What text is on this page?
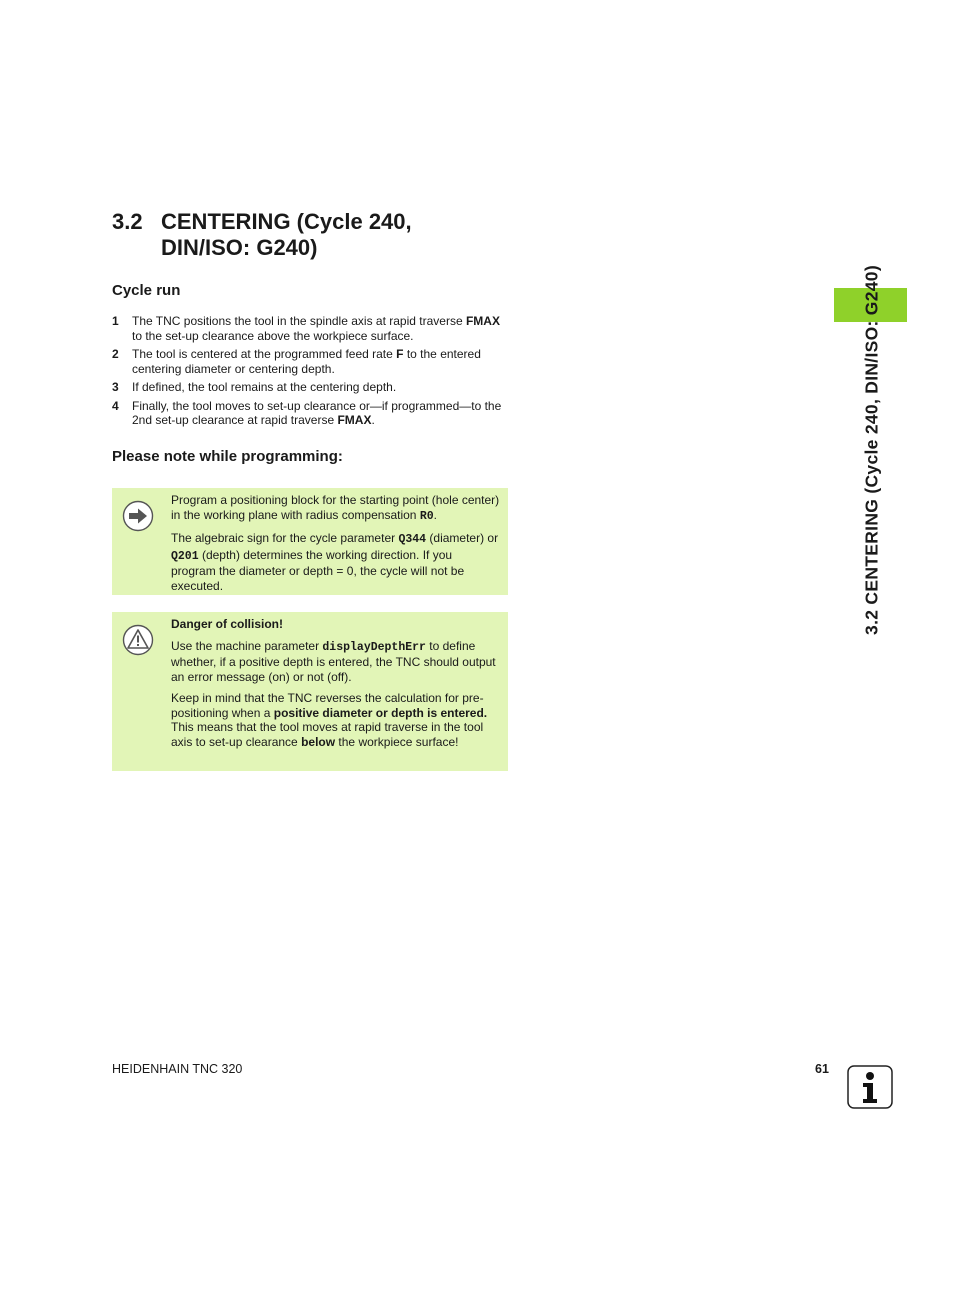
3.2 CENTERING (Cycle 240,
DIN/ISO: G240)
Cycle run
1 The TNC positions the tool in the spindle axis at rapid traverse FMAX to the set-up clearance above the workpiece surface.
2 The tool is centered at the programmed feed rate F to the entered centering diameter or centering depth.
3 If defined, the tool remains at the centering depth.
4 Finally, the tool moves to set-up clearance or—if programmed—to the 2nd set-up clearance at rapid traverse FMAX.
Please note while programming:

Program a positioning block for the starting point (hole center) in the working plane with radius compensation R0.

The algebraic sign for the cycle parameter Q344 (diameter) or Q201 (depth) determines the working direction. If you program the diameter or depth = 0, the cycle will not be executed.

Danger of collision!

Use the machine parameter displayDepthErr to define whether, if a positive depth is entered, the TNC should output an error message (on) or not (off).

Keep in mind that the TNC reverses the calculation for pre-positioning when a positive diameter or depth is entered. This means that the tool moves at rapid traverse in the tool axis to set-up clearance below the workpiece surface!

3.2 CENTERING (Cycle 240, DIN/ISO: G240)
HEIDENHAIN TNC 320	61
